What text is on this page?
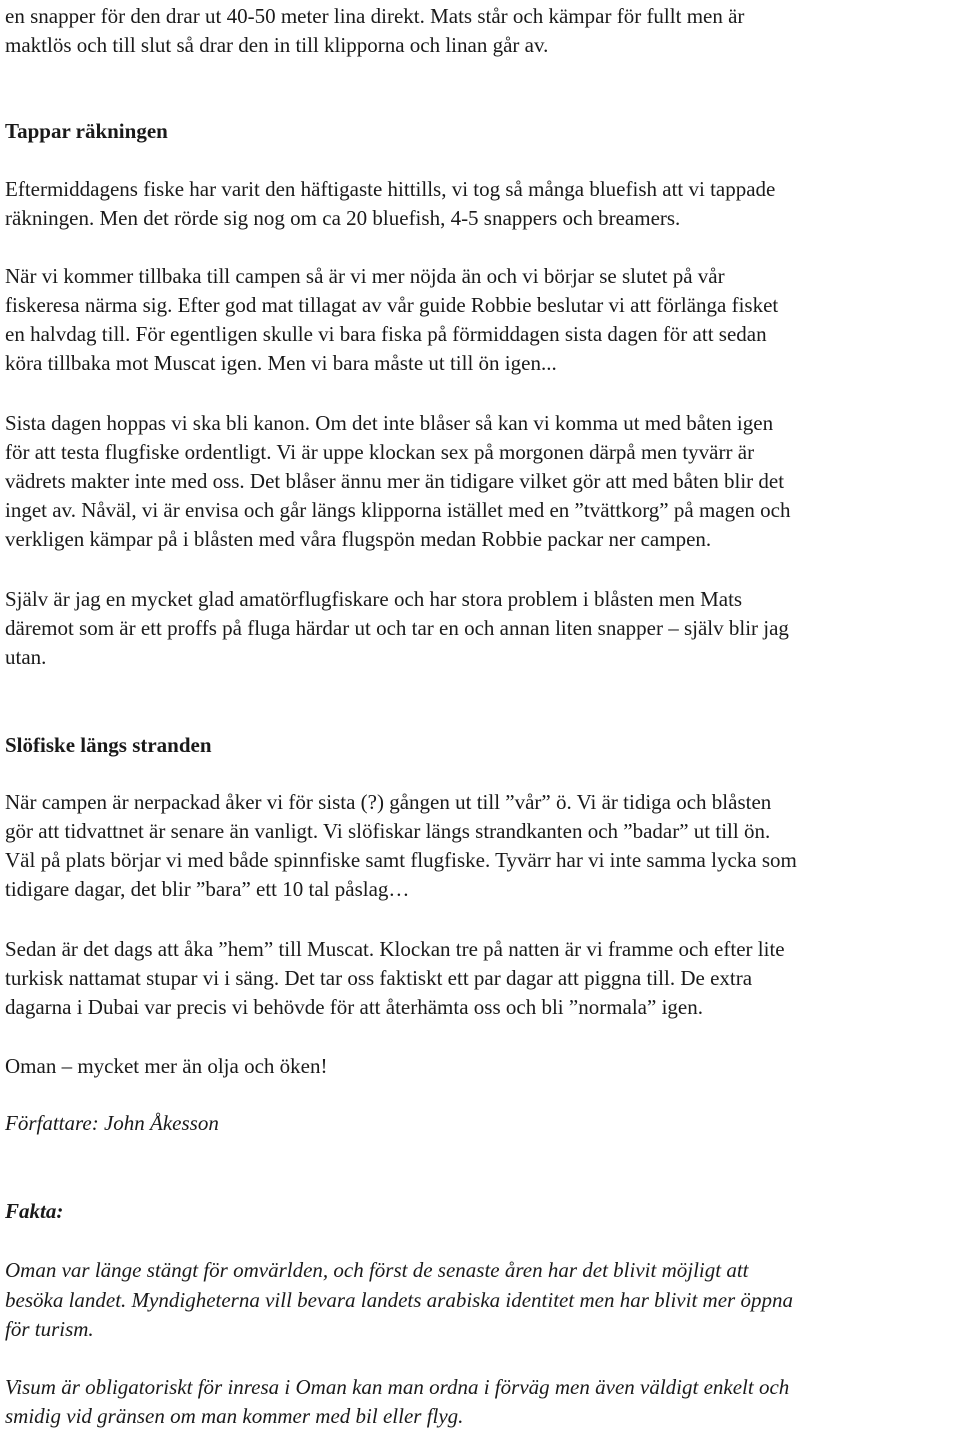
en snapper för den drar ut 40-50 meter lina direkt. Mats står och kämpar för fullt men är
maktlös och till slut så drar den in till klipporna och linan går av.
Tappar räkningen
Eftermiddagens fiske har varit den häftigaste hittills, vi tog så många bluefish att vi tappade
räkningen. Men det rörde sig nog om ca 20 bluefish, 4-5 snappers och breamers.
När vi kommer tillbaka till campen så är vi mer nöjda än och vi börjar se slutet på vår
fiskeresa närma sig. Efter god mat tillagat av vår guide Robbie beslutar vi att förlänga fisket
en halvdag till. För egentligen skulle vi bara fiska på förmiddagen sista dagen för att sedan
köra tillbaka mot Muscat igen. Men vi bara måste ut till ön igen...
Sista dagen hoppas vi ska bli kanon. Om det inte blåser så kan vi komma ut med båten igen
för att testa flugfiske ordentligt. Vi är uppe klockan sex på morgonen därpå men tyvärr är
vädrets makter inte med oss. Det blåser ännu mer än tidigare vilket gör att med båten blir det
inget av. Nåväl, vi är envisa och går längs klipporna istället med en ”tvättkorg” på magen och
verkligen kämpar på i blåsten med våra flugspön medan Robbie packar ner campen.
Själv är jag en mycket glad amatörflugfiskare och har stora problem i blåsten men Mats
däremot som är ett proffs på fluga härdar ut och tar en och annan liten snapper – själv blir jag
utan.
Slöfiske längs stranden
När campen är nerpackad åker vi för sista (?) gången ut till ”vår” ö. Vi är tidiga och blåsten
gör att tidvattnet är senare än vanligt. Vi slöfiskar längs strandkanten och ”badar” ut till ön.
Väl på plats börjar vi med både spinnfiske samt flugfiske. Tyvärr har vi inte samma lycka som
tidigare dagar, det blir ”bara” ett 10 tal påslag…
Sedan är det dags att åka ”hem” till Muscat. Klockan tre på natten är vi framme och efter lite
turkisk nattamat stupar vi i säng. Det tar oss faktiskt ett par dagar att piggna till. De extra
dagarna i Dubai var precis vi behövde för att återhämta oss och bli ”normala” igen.
Oman – mycket mer än olja och öken!
Författare: John Åkesson
Fakta:
Oman var länge stängt för omvärlden, och först de senaste åren har det blivit möjligt att
besöka landet. Myndigheterna vill bevara landets arabiska identitet men har blivit mer öppna
för turism.
Visum är obligatoriskt för inresa i Oman kan man ordna i förväg men även väldigt enkelt och
smidig vid gränsen om man kommer med bil eller flyg.
